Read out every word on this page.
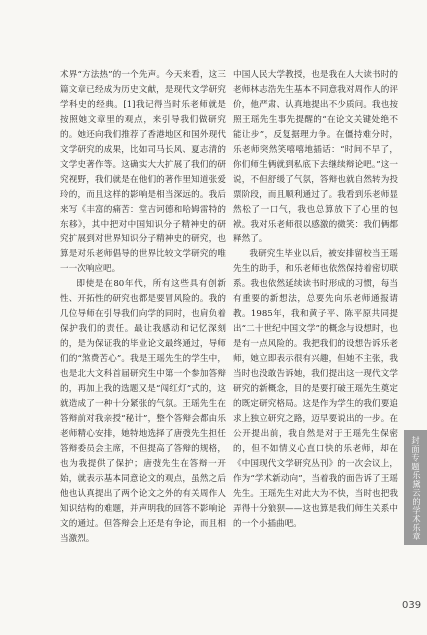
术界“方法热”的一个先声。今天来看，这三篇文章已经成为历史文献，是现代文学研究学科史的经典。[1]我记得当时乐老师就是按照她文章里的观点，来引导我们做研究的。她还向我们推荐了香港地区和国外现代文学研究的成果，比如司马长风、夏志清的文学史著作等。这确实大大扩展了我们的研究视野，我们就是在他们的著作里知道张爱玲的，而且这样的影响是相当深远的。我后来写《丰富的痛苦：堂吉诃德和哈姆雷特的东移》，其中把对中国知识分子精神史的研究扩展到对世界知识分子精神史的研究，也算是对乐老师倡导的世界比较文学研究的唯一一次响应吧。

即使是在80年代，所有这些具有创新性、开拓性的研究也都是要冒风险的。我的几位导师在引导我们向学的同时，也肩负着保护我们的责任。最让我感动和记忆深刻的，是为保证我的毕业论文最终通过，导师们的“煞费苦心”。我是王瑶先生的学生中，也是北大文科首届研究生中第一个参加答辩的，再加上我的选题又是“闯红灯”式的，这就造成了一种十分紧张的气氛。王瑶先生在答辩前对我亲授“秘计”，整个答辩会都由乐老师精心安排，她特地选择了唐弢先生担任答辩委员会主席，不但提高了答辩的规格，也为我提供了保护；唐弢先生在答辩一开始，就表示基本同意论文的观点，虽然之后他也认真提出了两个论文之外的有关周作人知识结构的难题，并声明我的回答不影响论文的通过。但答辩会上还是有争论，而且相当激烈。

中国人民大学教授，也是我在人大读书时的老师林志浩先生基本不同意我对周作人的评价，他严肃、认真地提出不少质问。我也按照王瑶先生事先提醒的“在论文关键处绝不能让步”，反复据理力争。在僵持难分时，乐老师突然笑嘻嘻地插话：“时间不早了，你们师生俩就到私底下去继续辩论吧。”这一说，不但舒缓了气氛，答辩也就自然转为投票阶段，而且顺利通过了。我看到乐老师显然松了一口气，我也总算放下了心里的包袱。我对乐老师很以感激的微笑：我们俩都释然了。

我研究生毕业以后，被安排留校当王瑶先生的助手，和乐老师也依然保持着密切联系。我也依然延续读书时形成的习惯，每当有重要的新想法，总要先向乐老师通报请教。1985年，我和黄子平、陈平原共同提出“二十世纪中国文学”的概念与设想时，也是有一点风险的。我把我们的设想告诉乐老师，她立即表示很有兴趣，但她不主张，我当时也没敢告诉她，我们提出这一现代文学研究的新概念，目的是要打破王瑶先生奠定的既定研究格局。这是作为学生的我们要追求上独立研究之路，迈早要说出的一步。在公开提出前，我自然是对于王瑶先生保密的，但不如情义心直口快的乐老师，却在《中国现代文学研究丛刊》的一次会议上，作为“学术新动向”，当着我的面告诉了王瑶先生。王瑶先生对此大为不快，当时也把我弄得十分狼狈——这也算是我们师生关系中的一个小插曲吧。

封面专题
乐黛云的学术乐章
039
